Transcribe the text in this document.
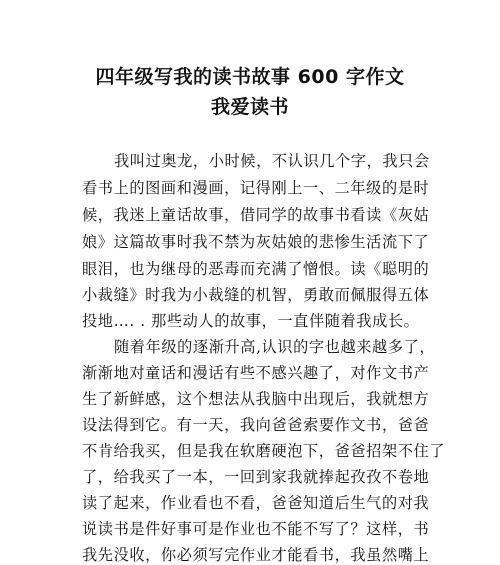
四年级写我的读书故事 600 字作文
我爱读书
我叫过奥龙，小时候，不认识几个字，我只会
看书上的图画和漫画，记得刚上一、二年级的是时
候，我迷上童话故事，借同学的故事书看读《灰姑
娘》这篇故事时我不禁为灰姑娘的悲惨生活流下了
眼泪，也为继母的恶毒而充满了憎恨。读《聪明的
小裁缝》时我为小裁缝的机智，勇敢而佩服得五体
投地…. . 那些动人的故事，一直伴随着我成长。
随着年级的逐渐升高,认识的字也越来越多了，
渐渐地对童话和漫话有些不感兴趣了，对作文书产
生了新鲜感，这个想法从我脑中出现后，我就想方
设法得到它。有一天，我向爸爸索要作文书，爸爸
不肯给我买，但是我在软磨硬泡下，爸爸招架不住了
了，给我买了一本，一回到家我就捧起孜孜不卷地
读了起来，作业看也不看，爸爸知道后生气的对我
说读书是件好事可是作业也不能不写了？这样，书
我先没收，你必须写完作业才能看书，我虽然嘴上
